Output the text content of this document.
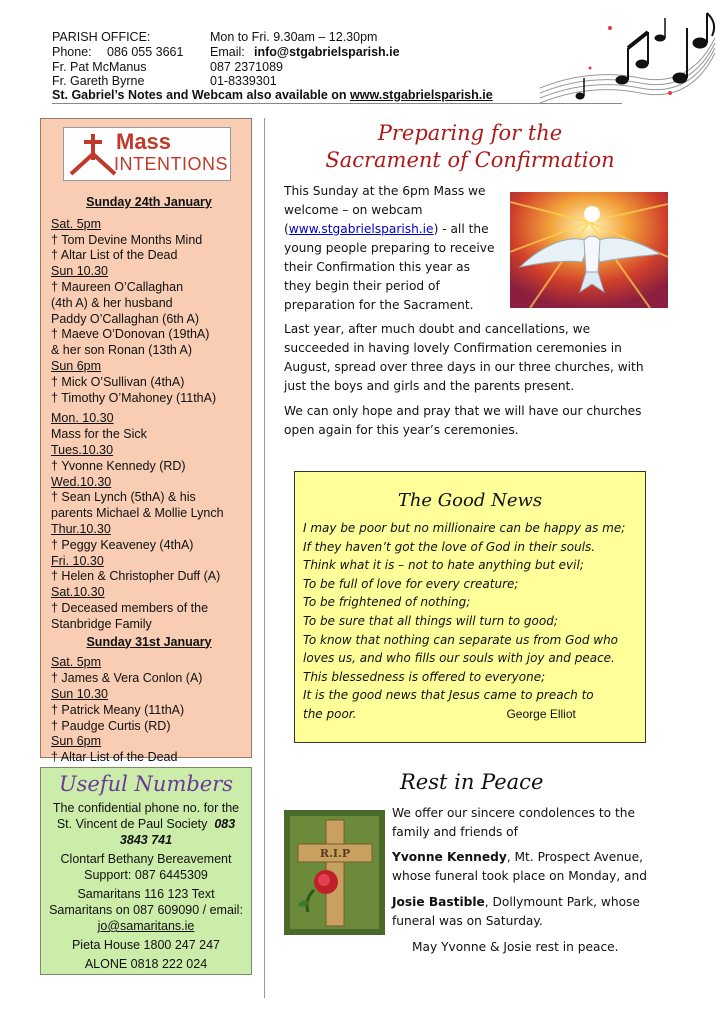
PARISH OFFICE:	Mon to Fri. 9.30am – 12.30pm
Phone: 086 055 3661 Email: info@stgabrielsparish.ie
Fr. Pat McManus	087 2371089
Fr. Gareth Byrne	01-8339301
St. Gabriel’s Notes and Webcam also available on www.stgabrielsparish.ie
Mass
INTENTIONS
Sunday 24th January
Sat. 5pm
† Tom Devine Months Mind
† Altar List of the Dead
Sun 10.30
† Maureen O’Callaghan
(4th A) & her husband
Paddy O’Callaghan (6th A)
† Maeve O’Donovan (19thA)
& her son Ronan (13th A)
Sun 6pm
† Mick O’Sullivan (4thA)
† Timothy O’Mahoney (11thA)
Mon. 10.30
Mass for the Sick
Tues.10.30
† Yvonne Kennedy (RD)
Wed.10.30
† Sean Lynch (5thA) & his
parents Michael & Mollie Lynch
Thur.10.30
† Peggy Keaveney (4thA)
Fri. 10.30
† Helen & Christopher Duff (A)
Sat.10.30
† Deceased members of the
Stanbridge Family
Sunday 31st January
Sat. 5pm
† James & Vera Conlon (A)
Sun 10.30
† Patrick Meany (11thA)
† Paudge Curtis (RD)
Sun 6pm
† Altar List of the Dead
Preparing for the
Sacrament of Confirmation
This Sunday at the 6pm Mass we welcome – on webcam (www.stgabrielsparish.ie) - all the young people preparing to receive their Confirmation this year as they begin their period of preparation for the Sacrament.
Last year, after much doubt and cancellations, we succeeded in having lovely Confirmation ceremonies in August, spread over three days in our three churches, with just the boys and girls and the parents present.
We can only hope and pray that we will have our churches open again for this year’s ceremonies.
The Good News
I may be poor but no millionaire can be happy as me;
If they haven’t got the love of God in their souls.
Think what it is – not to hate anything but evil;
To be full of love for every creature;
To be frightened of nothing;
To be sure that all things will turn to good;
To know that nothing can separate us from God who
loves us, and who fills our souls with joy and peace.
This blessedness is offered to everyone;
It is the good news that Jesus came to preach to
the poor.	George Elliot
Useful Numbers
The confidential phone no. for the St. Vincent de Paul Society 083 3843 741
Clontarf Bethany Bereavement Support: 087 6445309
Samaritans 116 123 Text Samaritans on 087 609090 / email: jo@samaritans.ie
Pieta House 1800 247 247
ALONE 0818 222 024
Rest in Peace
R.I.P
We offer our sincere condolences to the family and friends of
Yvonne Kennedy, Mt. Prospect Avenue, whose funeral took place on Monday, and
Josie Bastible, Dollymount Park, whose funeral was on Saturday.
May Yvonne & Josie rest in peace.
